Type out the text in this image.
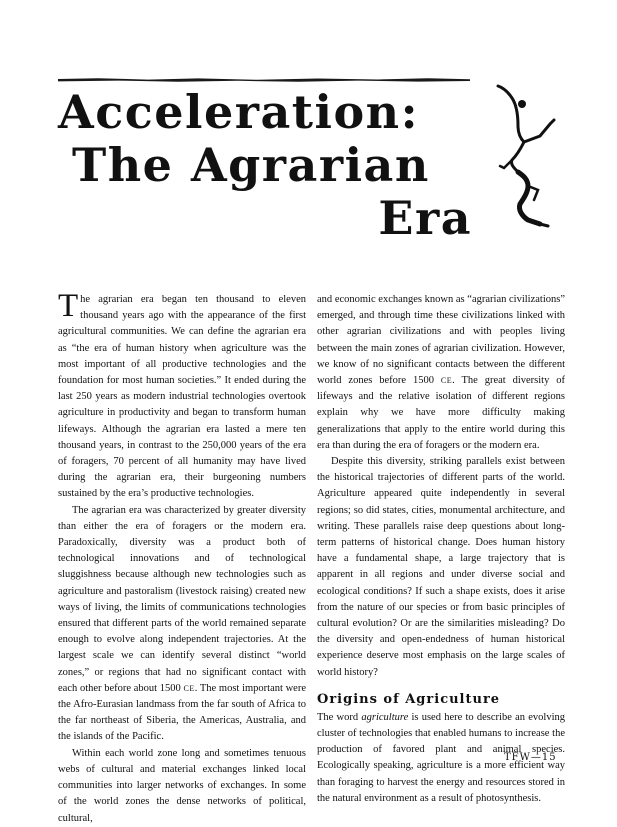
Acceleration:
The Agrarian
Era

The agrarian era began ten thousand to eleven thousand years ago with the appearance of the first agricultural communities. We can define the agrarian era as “the era of human history when agriculture was the most important of all productive technologies and the foundation for most human societies.” It ended during the last 250 years as modern industrial technologies overtook agriculture in productivity and began to transform human lifeways. Although the agrarian era lasted a mere ten thousand years, in contrast to the 250,000 years of the era of foragers, 70 percent of all humanity may have lived during the agrarian era, their burgeoning numbers sustained by the era’s productive technologies.

The agrarian era was characterized by greater diversity than either the era of foragers or the modern era. Paradoxically, diversity was a product both of technological innovations and of technological sluggishness because although new technologies such as agriculture and pastoralism (livestock raising) created new ways of living, the limits of communications technologies ensured that different parts of the world remained separate enough to evolve along independent trajectories. At the largest scale we can identify several distinct “world zones,” or regions that had no significant contact with each other before about 1500 CE. The most important were the Afro-Eurasian landmass from the far south of Africa to the far northeast of Siberia, the Americas, Australia, and the islands of the Pacific.

Within each world zone long and sometimes tenuous webs of cultural and material exchanges linked local communities into larger networks of exchanges. In some of the world zones the dense networks of political, cultural,

and economic exchanges known as “agrarian civilizations” emerged, and through time these civilizations linked with other agrarian civilizations and with peoples living between the main zones of agrarian civilization. However, we know of no significant contacts between the different world zones before 1500 CE. The great diversity of lifeways and the relative isolation of different regions explain why we have more difficulty making generalizations that apply to the entire world during this era than during the era of foragers or the modern era.

Despite this diversity, striking parallels exist between the historical trajectories of different parts of the world. Agriculture appeared quite independently in several regions; so did states, cities, monumental architecture, and writing. These parallels raise deep questions about long-term patterns of historical change. Does human history have a fundamental shape, a large trajectory that is apparent in all regions and under diverse social and ecological conditions? If such a shape exists, does it arise from the nature of our species or from basic principles of cultural evolution? Or are the similarities misleading? Do the diversity and open-endedness of human historical experience deserve most emphasis on the large scales of world history?

Origins of Agriculture

The word agriculture is used here to describe an evolving cluster of technologies that enabled humans to increase the production of favored plant and animal species. Ecologically speaking, agriculture is a more efficient way than foraging to harvest the energy and resources stored in the natural environment as a result of photosynthesis.

TFW—15
